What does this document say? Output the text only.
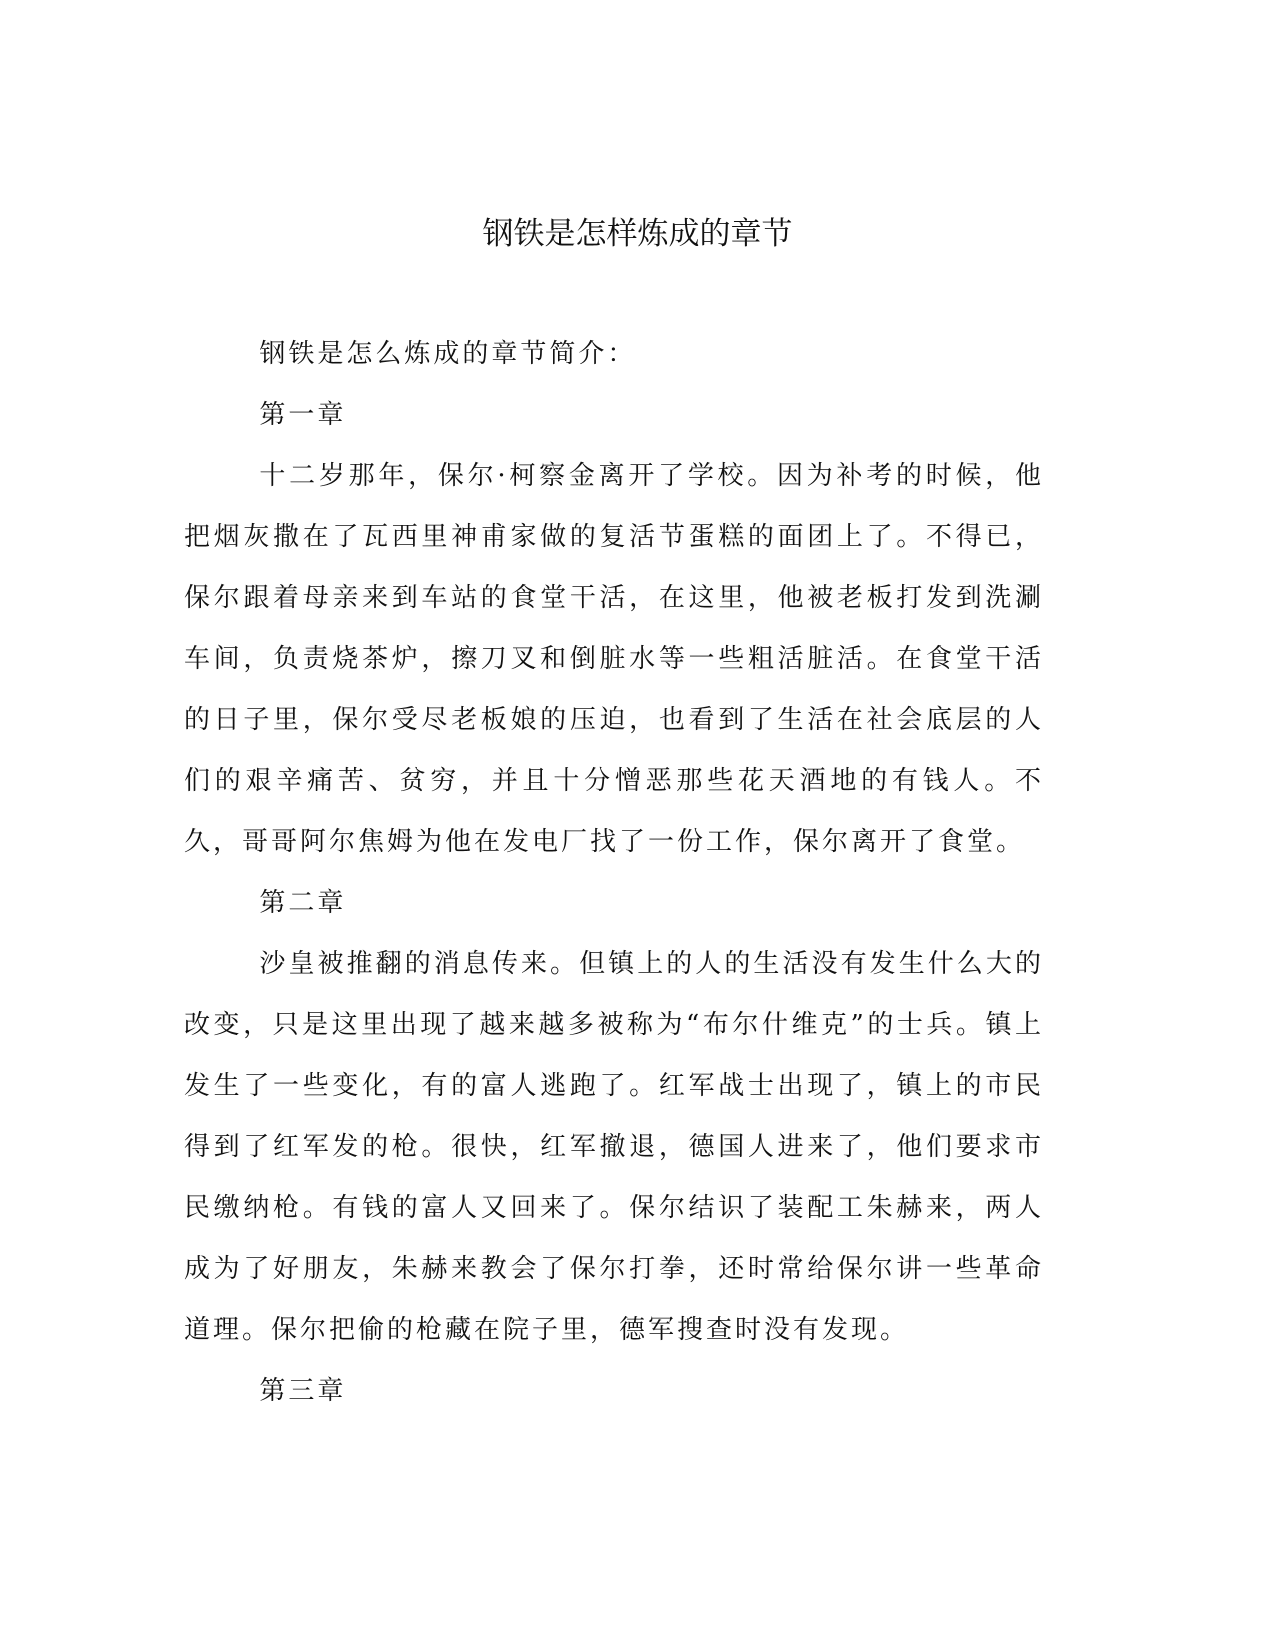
钢铁是怎样炼成的章节

钢铁是怎么炼成的章节简介：

第一章

十二岁那年，保尔·柯察金离开了学校。因为补考的时候，他把烟灰撒在了瓦西里神甫家做的复活节蛋糕的面团上了。不得已，保尔跟着母亲来到车站的食堂干活，在这里，他被老板打发到洗涮车间，负责烧茶炉，擦刀叉和倒脏水等一些粗活脏活。在食堂干活的日子里，保尔受尽老板娘的压迫，也看到了生活在社会底层的人们的艰辛痛苦、贫穷，并且十分憎恶那些花天酒地的有钱人。不久，哥哥阿尔焦姆为他在发电厂找了一份工作，保尔离开了食堂。

第二章

沙皇被推翻的消息传来。但镇上的人的生活没有发生什么大的改变，只是这里出现了越来越多被称为“布尔什维克”的士兵。镇上发生了一些变化，有的富人逃跑了。红军战士出现了，镇上的市民得到了红军发的枪。很快，红军撤退，德国人进来了，他们要求市民缴纳枪。有钱的富人又回来了。保尔结识了装配工朱赫来，两人成为了好朋友，朱赫来教会了保尔打拳，还时常给保尔讲一些革命道理。保尔把偷的枪藏在院子里，德军搜查时没有发现。

第三章
